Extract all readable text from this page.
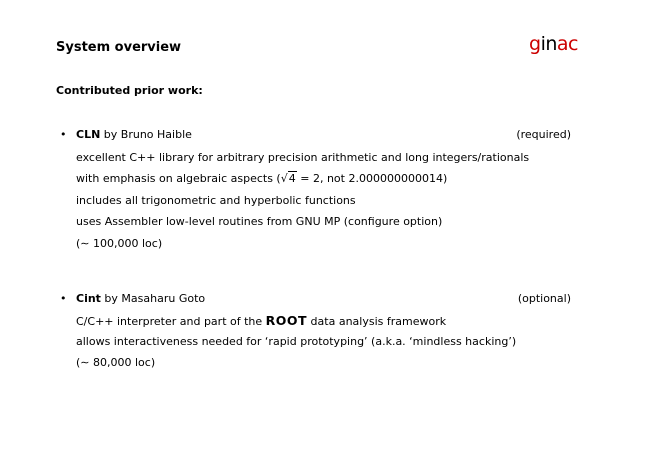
System overview	ginac
Contributed prior work:
• CLN by Bruno Haible	(required)
excellent C++ library for arbitrary precision arithmetic and long integers/rationals
with emphasis on algebraic aspects (√4 = 2, not 2.000000000014)
includes all trigonometric and hyperbolic functions
uses Assembler low-level routines from GNU MP (configure option)
(∼ 100,000 loc)
• Cint by Masaharu Goto	(optional)
C/C++ interpreter and part of the ROOT data analysis framework
allows interactiveness needed for ‘rapid prototyping’ (a.k.a. ‘mindless hacking’)
(∼ 80,000 loc)
